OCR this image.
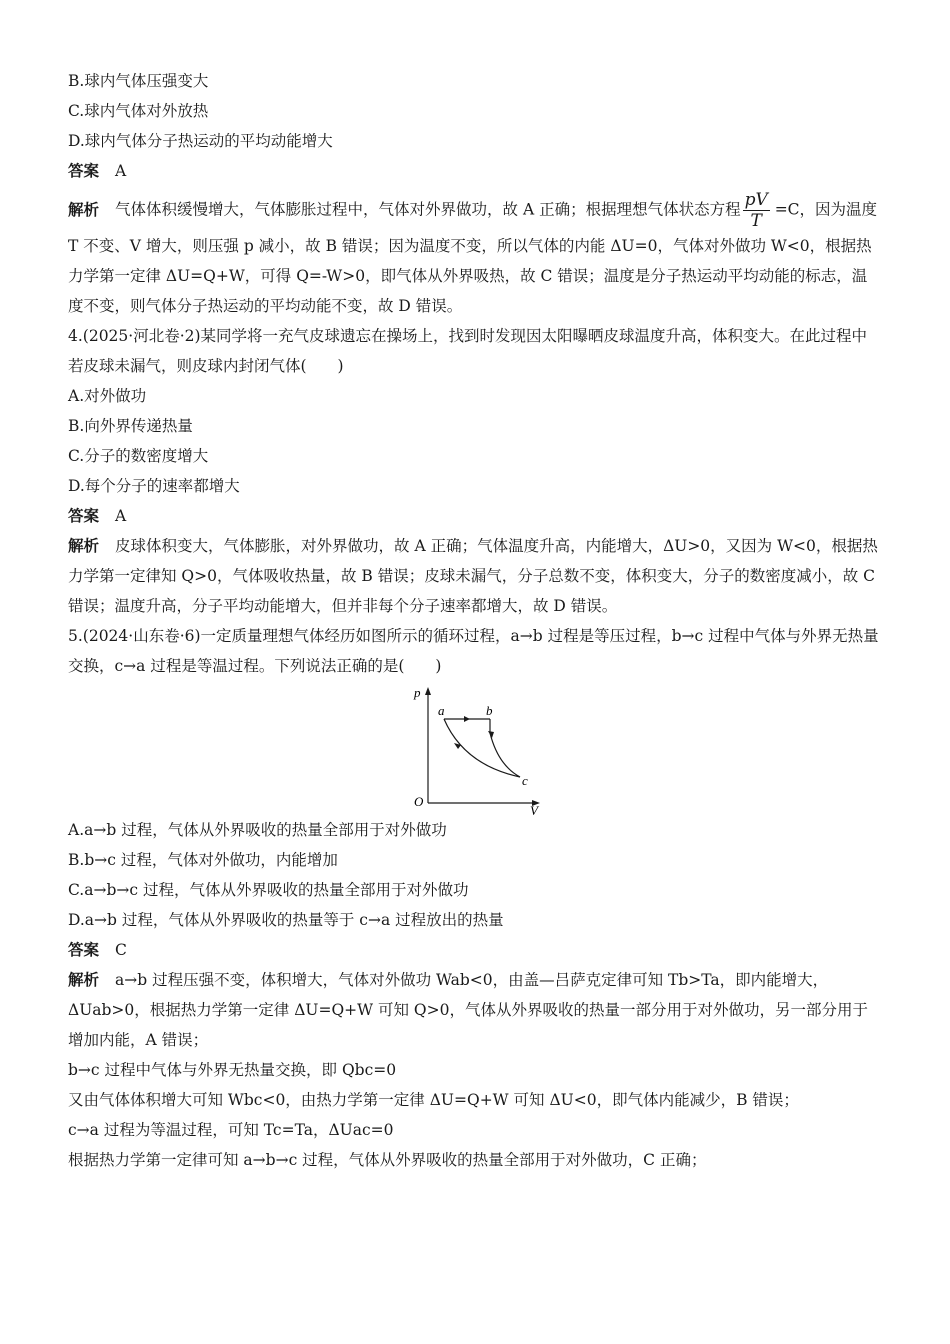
B.球内气体压强变大
C.球内气体对外放热
D.球内气体分子热运动的平均动能增大
答案 A
解析 气体体积缓慢增大，气体膨胀过程中，气体对外界做功，故 A 正确；根据理想气体状态方程 $\frac{pV}{T} =C$，因为温度 T 不变、V 增大，则压强 p 减小，故 B 错误；因为温度不变，所以气体的内能 ΔU=0，气体对外做功 W<0，根据热力学第一定律 ΔU=Q+W，可得 Q=-W>0，即气体从外界吸热，故 C 错误；温度是分子热运动平均动能的标志，温度不变，则气体分子热运动的平均动能不变，故 D 错误。
4.(2025·河北卷·2)某同学将一充气皮球遗忘在操场上，找到时发现因太阳曝晒皮球温度升高，体积变大。在此过程中若皮球未漏气，则皮球内封闭气体(　　)
A.对外做功
B.向外界传递热量
C.分子的数密度增大
D.每个分子的速率都增大
答案 A
解析 皮球体积变大，气体膨胀，对外界做功，故 A 正确；气体温度升高，内能增大，ΔU>0，又因为 W<0，根据热力学第一定律知 Q>0，气体吸收热量，故 B 错误；皮球未漏气，分子总数不变，体积变大，分子的数密度减小，故 C 错误；温度升高，分子平均动能增大，但并非每个分子速率都增大，故 D 错误。
5.(2024·山东卷·6)一定质量理想气体经历如图所示的循环过程，a→b 过程是等压过程，b→c 过程中气体与外界无热量交换，c→a 过程是等温过程。下列说法正确的是(　　)
p
V
O
a	b
c
A.a→b 过程，气体从外界吸收的热量全部用于对外做功
B.b→c 过程，气体对外做功，内能增加
C.a→b→c 过程，气体从外界吸收的热量全部用于对外做功
D.a→b 过程，气体从外界吸收的热量等于 c→a 过程放出的热量
答案 C
解析 a→b 过程压强不变，体积增大，气体对外做功 Wab<0，由盖—吕萨克定律可知 Tb>Ta，即内能增大，ΔUab>0，根据热力学第一定律 ΔU=Q+W 可知 Q>0，气体从外界吸收的热量一部分用于对外做功，另一部分用于增加内能，A 错误；
b→c 过程中气体与外界无热量交换，即 Qbc=0
又由气体体积增大可知 Wbc<0，由热力学第一定律 ΔU=Q+W 可知 ΔU<0，即气体内能减少，B 错误；
c→a 过程为等温过程，可知 Tc=Ta，ΔUac=0
根据热力学第一定律可知 a→b→c 过程，气体从外界吸收的热量全部用于对外做功，C 正确；
